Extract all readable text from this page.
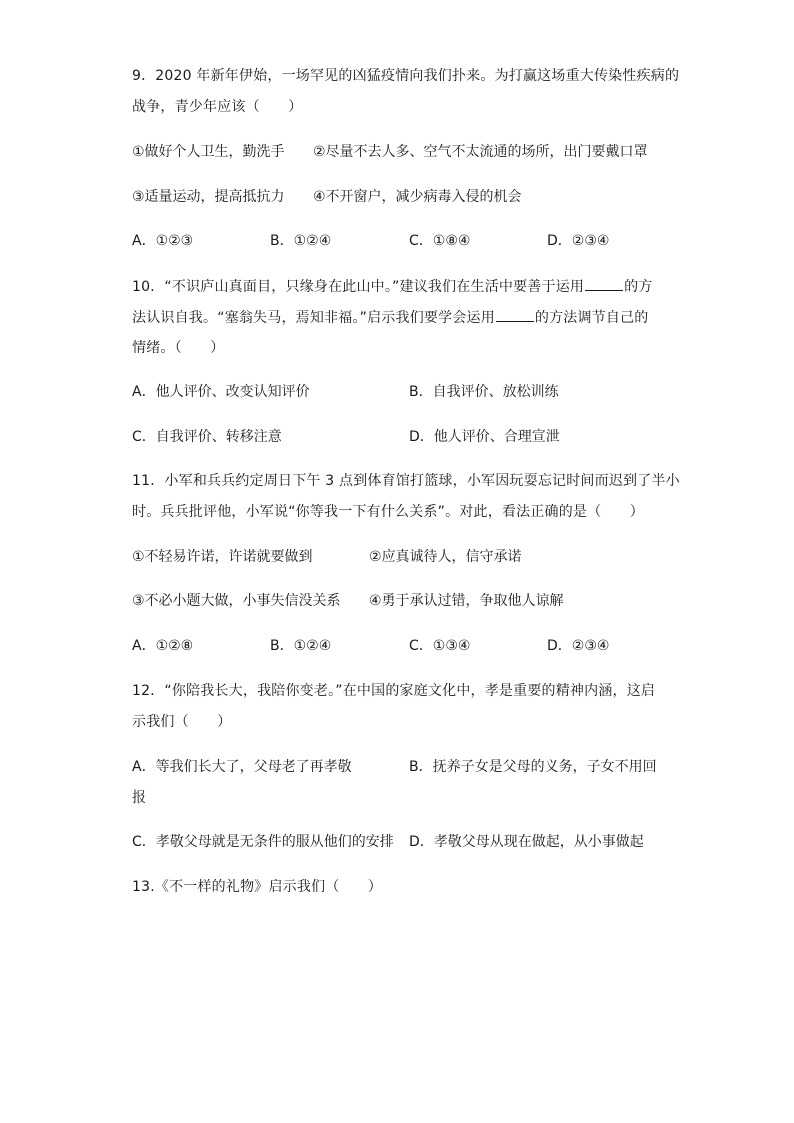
9．2020 年新年伊始，一场罕见的凶猛疫情向我们扑来。为打赢这场重大传染性疾病的
战争，青少年应该（　　）
①做好个人卫生，勤洗手 ②尽量不去人多、空气不太流通的场所，出门要戴口罩
③适量运动，提高抵抗力 ④不开窗户，减少病毒入侵的机会
A．①②③	B．①②④	C．①⑧④	D．②③④
10．“不识庐山真面目，只缘身在此山中。”建议我们在生活中要善于运用	的方
法认识自我。“塞翁失马，焉知非福。”启示我们要学会运用	的方法调节自己的
情绪。（　　）
A．他人评价、改变认知评价	B．自我评价、放松训练
C．自我评价、转移注意	D．他人评价、合理宣泄
11．小军和兵兵约定周日下午 3 点到体育馆打篮球，小军因玩耍忘记时间而迟到了半小
时。兵兵批评他，小军说“你等我一下有什么关系”。对此，看法正确的是（　　）
①不轻易许诺，许诺就要做到	②应真诚待人，信守承诺
③不必小题大做，小事失信没关系 ④勇于承认过错，争取他人谅解
A．①②⑧	B．①②④	C．①③④	D．②③④
12．“你陪我长大，我陪你变老。”在中国的家庭文化中，孝是重要的精神内涵，这启
示我们（　　）
A．等我们长大了，父母老了再孝敬	B．抚养子女是父母的义务，子女不用回
报
C．孝敬父母就是无条件的服从他们的安排 D．孝敬父母从现在做起，从小事做起
13.《不一样的礼物》启示我们（　　）
